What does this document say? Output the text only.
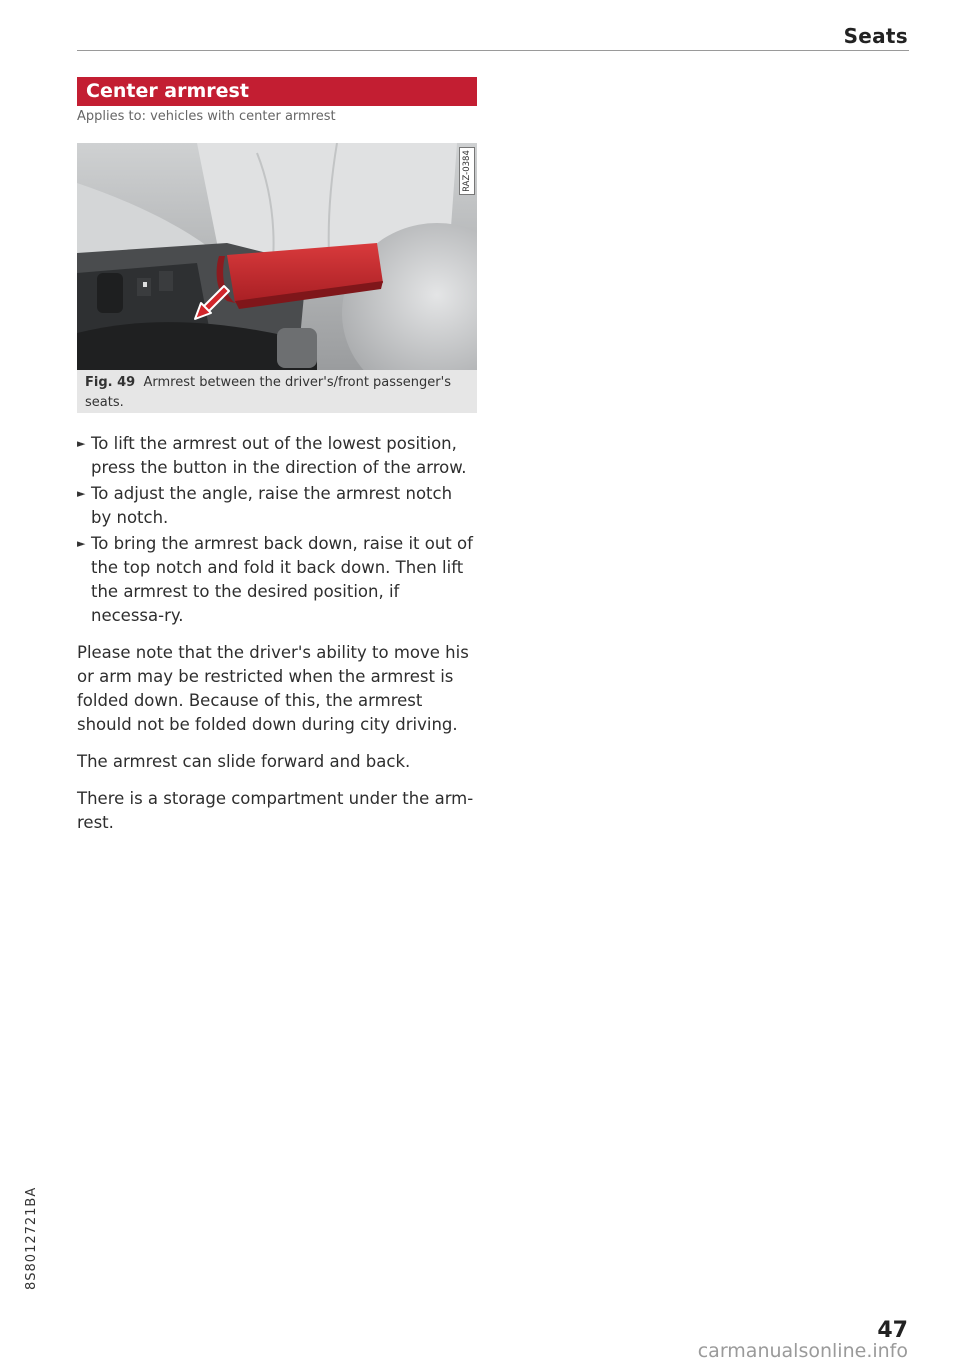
Seats
Center armrest
Applies to: vehicles with center armrest
RAZ-0384
Fig. 49 Armrest between the driver's/front passenger's seats.
► To lift the armrest out of the lowest position, press the button in the direction of the arrow.
► To adjust the angle, raise the armrest notch by notch.
► To bring the armrest back down, raise it out of the top notch and fold it back down. Then lift the armrest to the desired position, if necessa-ry.

Please note that the driver's ability to move his or arm may be restricted when the armrest is folded down. Because of this, the armrest should not be folded down during city driving.

The armrest can slide forward and back.

There is a storage compartment under the arm-rest.

8S8012721BA
47
carmanualsonline.info
